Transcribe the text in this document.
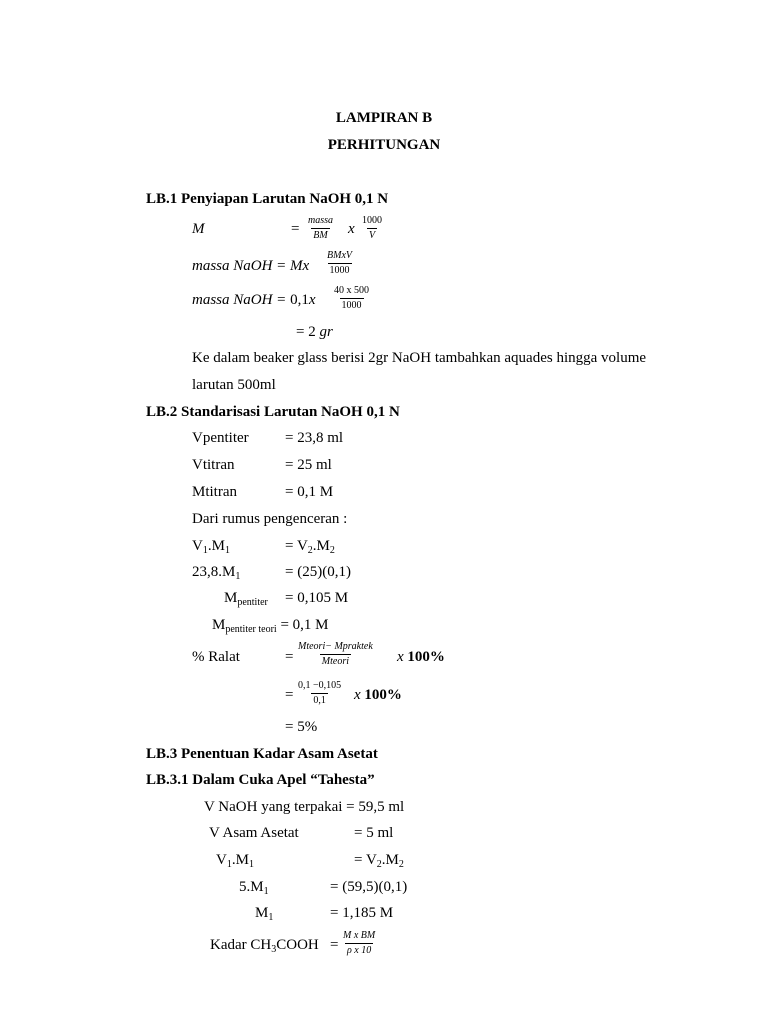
LAMPIRAN B
PERHITUNGAN
LB.1 Penyiapan Larutan NaOH 0,1 N
M	=
massa
BM x $\frac{1000}{V}$
massa NaOH = Mx
BMxV
1000
massa NaOH = $0,1x \frac{40 x 500}{1000}$
= 2 gr
Ke dalam beaker glass berisi 2gr NaOH tambahkan aquades hingga volume
larutan 500ml
LB.2 Standarisasi Larutan NaOH 0,1 N
Vpentiter = 23,8 ml
Vtitran	= 25 ml
Mtitran	= 0,1 M
Dari rumus pengenceran :
$V_1.M_1$	= $V_2.M_2$
$23,8.M_1$	= (25)(0,1)
$M_{pentiter} = 0,105$ M
$M_{pentiter teori} = 0,1$ M
% Ralat	=
Mteori− Mpraktek
Mteori	x 100%
= $\frac{0,1 -0,105}{0,1}$ x 100%
= 5%
LB.3 Penentuan Kadar Asam Asetat
LB.3.1 Dalam Cuka Apel “Tahesta”
V NaOH yang terpakai = 59,5 ml
V Asam Asetat	= 5 ml
$V_1.M_1$	= $V_2.M_2$
$5.M_1$	= (59,5)(0,1)
$M_1$	= 1,185 M
Kadar $CH_3COOH = \frac{\text{M x BM}}{\text{ρ x 10}}$
